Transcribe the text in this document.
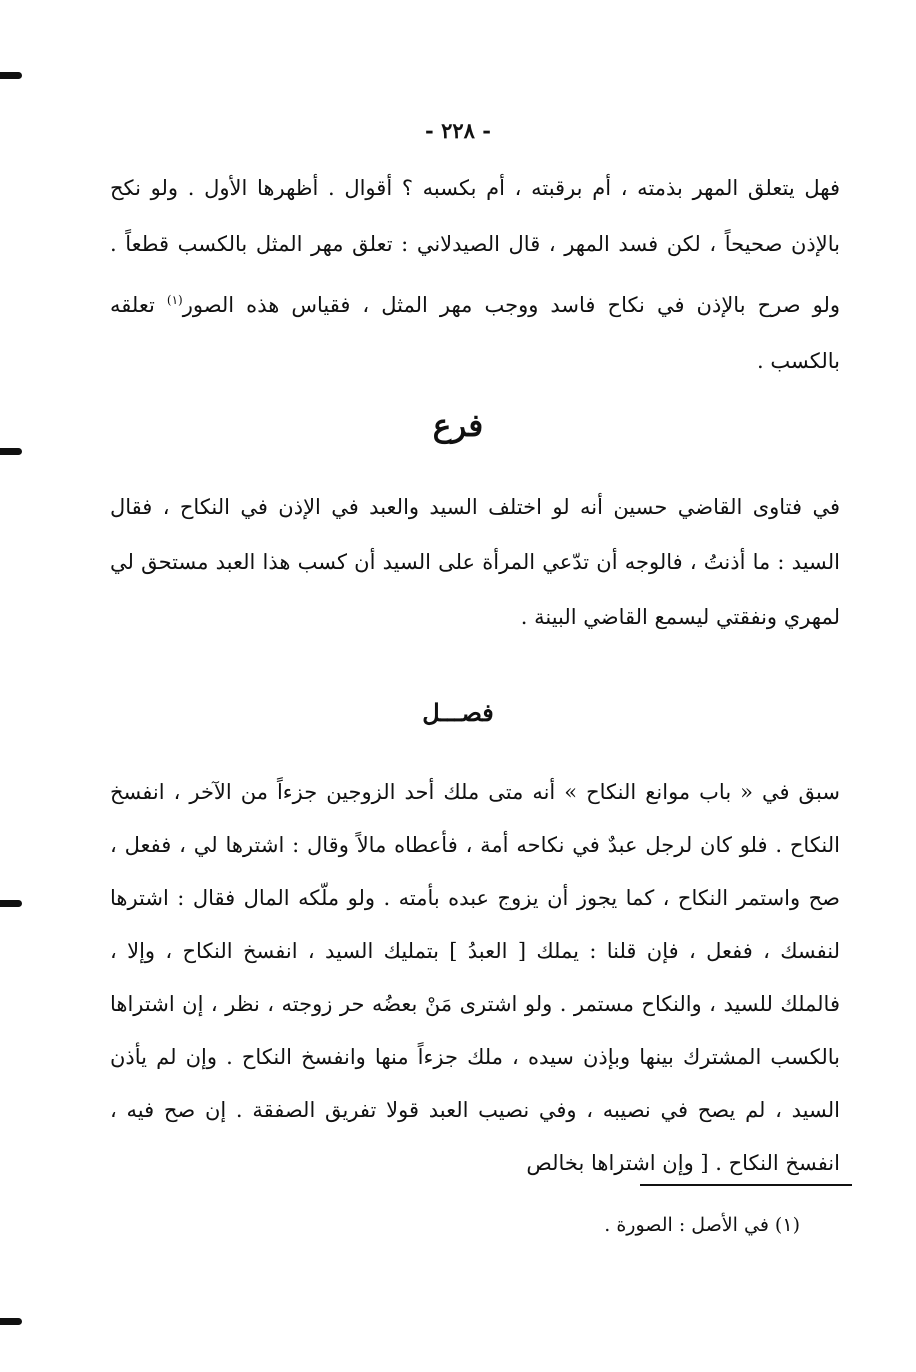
- ٢٢٨ -

فهل يتعلق المهر بذمته ، أم برقبته ، أم بكسبه ؟ أقوال . أظهرها الأول . ولو نكح بالإذن صحيحاً ، لكن فسد المهر ، قال الصيدلاني : تعلق مهر المثل بالكسب قطعاً . ولو صرح بالإذن في نكاح فاسد ووجب مهر المثل ، فقياس هذه الصور$^{(١)}$ تعلقه بالكسب .

فرع

في فتاوى القاضي حسين أنه لو اختلف السيد والعبد في الإذن في النكاح ، فقال السيد : ما أذنتُ ، فالوجه أن تدّعي المرأة على السيد أن كسب هذا العبد مستحق لي لمهري ونفقتي ليسمع القاضي البينة .

فصـــل

سبق في « باب موانع النكاح » أنه متى ملك أحد الزوجين جزءاً من الآخر ، انفسخ النكاح . فلو كان لرجل عبدٌ في نكاحه أمة ، فأعطاه مالاً وقال : اشترها لي ، ففعل ، صح واستمر النكاح ، كما يجوز أن يزوج عبده بأمته . ولو ملّكه المال فقال : اشترها لنفسك ، ففعل ، فإن قلنا : يملك [ العبدُ ] بتمليك السيد ، انفسخ النكاح ، وإلا ، فالملك للسيد ، والنكاح مستمر . ولو اشترى مَنْ بعضُه حر زوجته ، نظر ، إن اشتراها بالكسب المشترك بينها وبإذن سيده ، ملك جزءاً منها وانفسخ النكاح . وإن لم يأذن السيد ، لم يصح في نصيبه ، وفي نصيب العبد قولا تفريق الصفقة . إن صح فيه ، انفسخ النكاح . [ وإن اشتراها بخالص

(١) في الأصل : الصورة .
